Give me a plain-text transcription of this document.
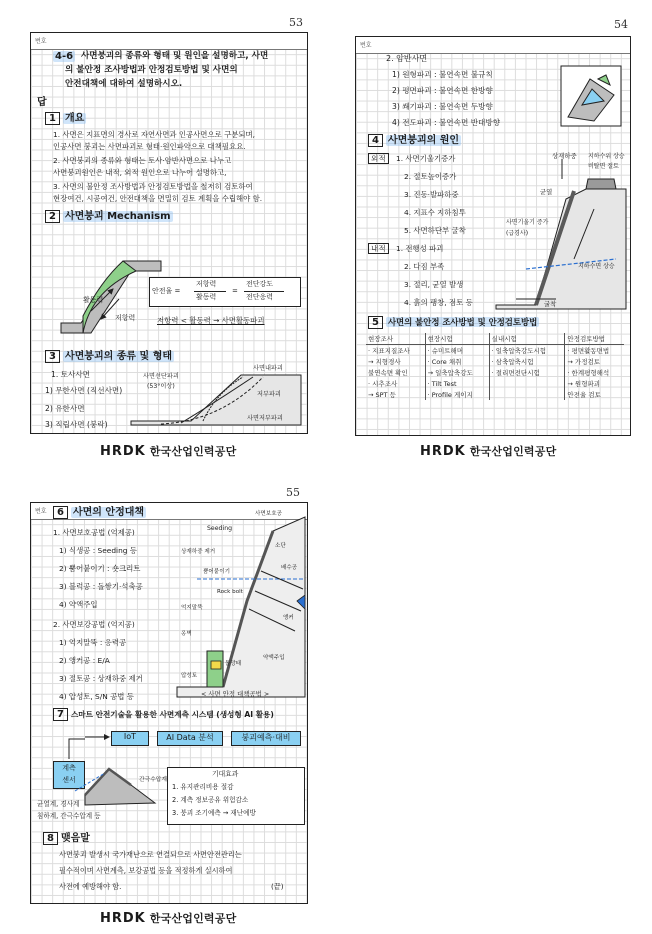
53
번호
4-6 사면붕괴의 종류와 형태 및 원인을 설명하고, 사면
의 불안정 조사방법과 안정검토방법 및 사면의
안전대책에 대하여 설명하시오.
답
1 개요
1. 사면은 지표면의 경사로 자연사면과 인공사면으로 구분되며,
인공사면 붕괴는 사면파괴로 형태·원인파악으로 대책필요요.
2. 사면붕괴의 종류와 형태는 토사·암반사면으로 나누고
사면붕괴원인은 내적, 외적 원인으로 나누어 설명하고,
3. 사면의 불안정 조사방법과 안정검토방법을 철저히 검토하여
현장여건, 시공여건, 안전대책을 면밀히 검토 계획을 수립해야 함.
2 사면붕괴 Mechanism
활동력
저항력
안전율 =
저항력
활동력
=
전단강도
전단응력
저항력 < 활동력 → 사면활동파괴
3 사면붕괴의 종류 및 형태
1. 토사사면
1) 무한사면 (직선사면)
2) 유한사면
3) 직립사면 (붕락)
사면선단파괴
(53°이상)
사면내파괴
저부파괴
사면저부파괴
HRDK 한국산업인력공단
54
번호
2. 암반사면
1) 원형파괴 : 불연속면 불규칙
2) 평면파괴 : 불연속면 한방향
3) 쐐기파괴 : 불연속면 두방향
4) 전도파괴 : 불연속면 반대방향
4 사면붕괴의 원인
외적	1. 사면기울기증가
2. 절토높이증가
3. 진동·발파하중
4. 지표수 지하침투
5. 사면하단부 굴착
내적	1. 전행성 파괴
2. 다짐 부족
3. 절리, 균열 발생
4. 흙의 팽창, 점토 등
상재하중
균열
지하수위 상승
비탈면 절토
사면기울기 증가 (급경사)
지하수면 상승
굴착
5 사면의 불안정 조사방법 및 안정검토방법
현장조사	현장시험	실내시험	안정검토방법
· 지표지질조사	· 슈미트해머	· 일축압축강도시험	· 평면활동면법
→ 지형경사	· Core 채취	· 삼축압축시험	→ 가정검토
불연속면 확인	→ 일축압축강도	· 절리면전단시험	· 한계평형해석
· 시추조사	· Tilt Test		→ 원형파괴
→ SPT 등	· Profile 게이지		안전율 검토
HRDK 한국산업인력공단
55
번호	6 사면의 안정대책
1. 사면보호공법 (억제공)
1) 식생공 : Seeding 등
2) 뿜어붙이기 : 숏크리트
3) 블럭공 : 돌쌓기·석축공
4) 약액주입
2. 사면보강공법 (억지공)
1) 억지말뚝 : 응력공
2) 앵커공 : E/A
3) 절토공 : 상재하중 제거
4) 압성토, S/N 공법 등
사면보호공
Seeding
상재하중 제거
소단
뿜어붙이기
배수공
Rock bolt
억지말뚝
앵커
옹벽
압성토
돌망태
약액주입
< 사면 안정 대책공법 >
7 스마트 안전기술을 활용한 사면계측 시스템 (생성형 AI 활용)
IoT	AI Data 분석	붕괴예측·대비
계측
센서	간극수압계
균열계, 경사계
침하계, 간극수압계 등
기대효과
1. 유지관리비용 절감
2. 계측 정보공유 위험감소
3. 붕괴 조기예측 → 재난예방
8 맺음말
사면붕괴 발생시 국가재난으로 연결되므로 사면안전관리는
필수적이며 사면계측, 보강공법 등을 적정하게 실시하여
사전에 예방해야 함.	(끝)
HRDK 한국산업인력공단
